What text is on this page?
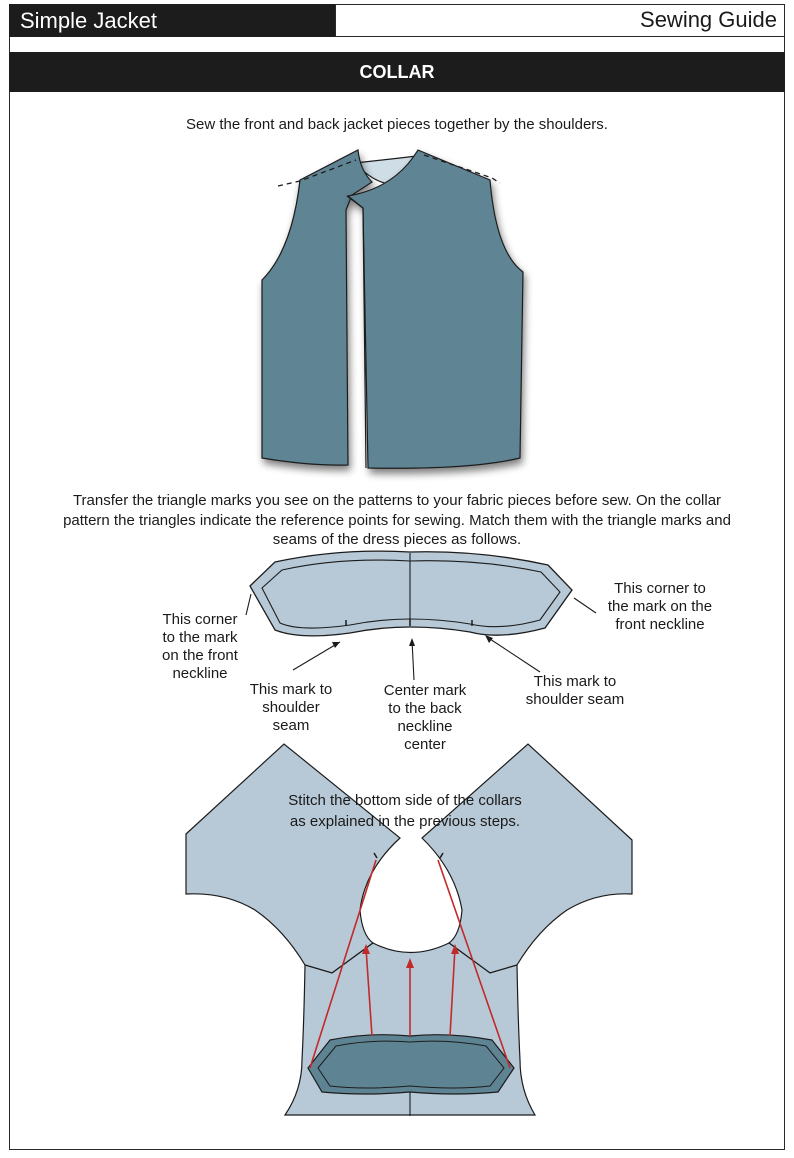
Simple Jacket	Sewing Guide
COLLAR
Sew the front and back jacket pieces together by the shoulders.
Transfer the triangle marks you see on the patterns to your fabric pieces before sew. On the collar
pattern the triangles indicate the reference points for sewing. Match them with the triangle marks and
seams of the dress pieces as follows.
This corner
to the mark
on the front
neckline
This corner to
the mark on the
front neckline
This mark to
shoulder
seam
Center mark
to the back
neckline
center
This mark to
shoulder seam
Stitch the bottom side of the collars
as explained in the previous steps.
